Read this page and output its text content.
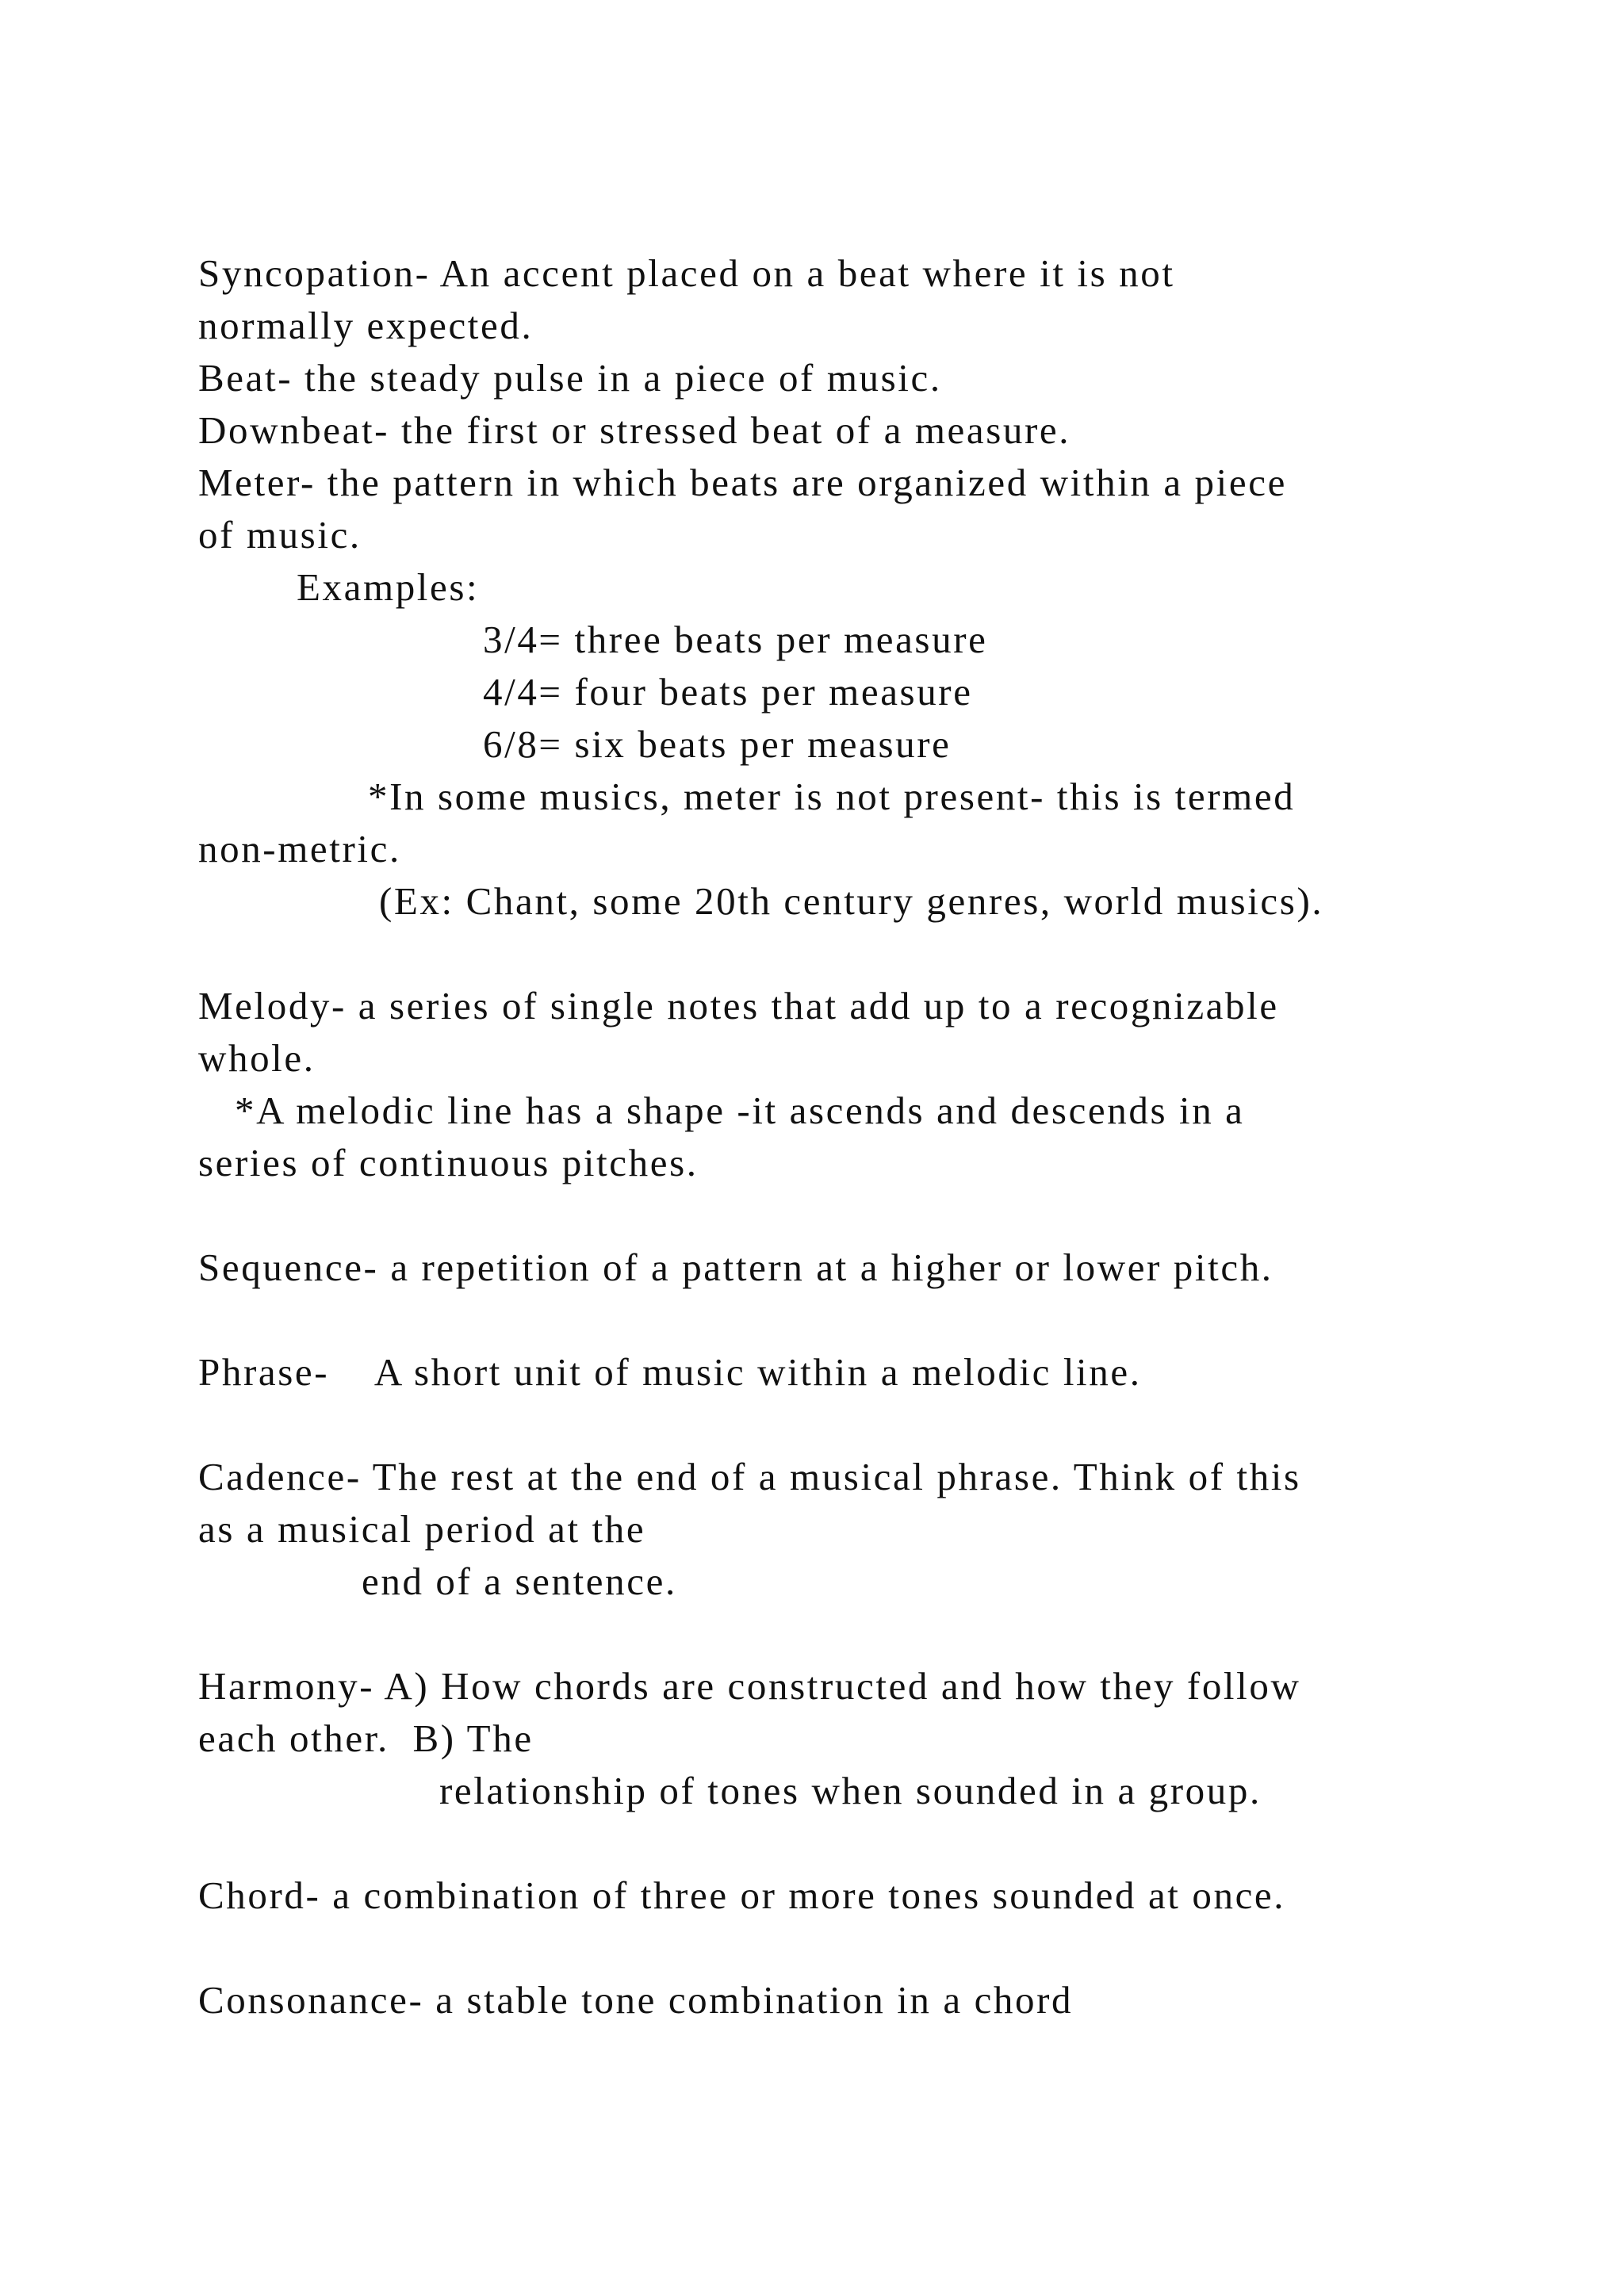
Syncopation- An accent placed on a beat where it is not
normally expected.
Beat- the steady pulse in a piece of music.
Downbeat- the first or stressed beat of a measure.
Meter- the pattern in which beats are organized within a piece
of music.
Examples:
3/4= three beats per measure
4/4= four beats per measure
6/8= six beats per measure
*In some musics, meter is not present- this is termed
non-metric.
(Ex: Chant, some 20th century genres, world musics).
Melody- a series of single notes that add up to a recognizable
whole.
*A melodic line has a shape -it ascends and descends in a
series of continuous pitches.
Sequence- a repetition of a pattern at a higher or lower pitch.
Phrase-    A short unit of music within a melodic line.
Cadence- The rest at the end of a musical phrase. Think of this
as a musical period at the
end of a sentence.
Harmony- A) How chords are constructed and how they follow
each other.  B) The
relationship of tones when sounded in a group.
Chord- a combination of three or more tones sounded at once.
Consonance- a stable tone combination in a chord
